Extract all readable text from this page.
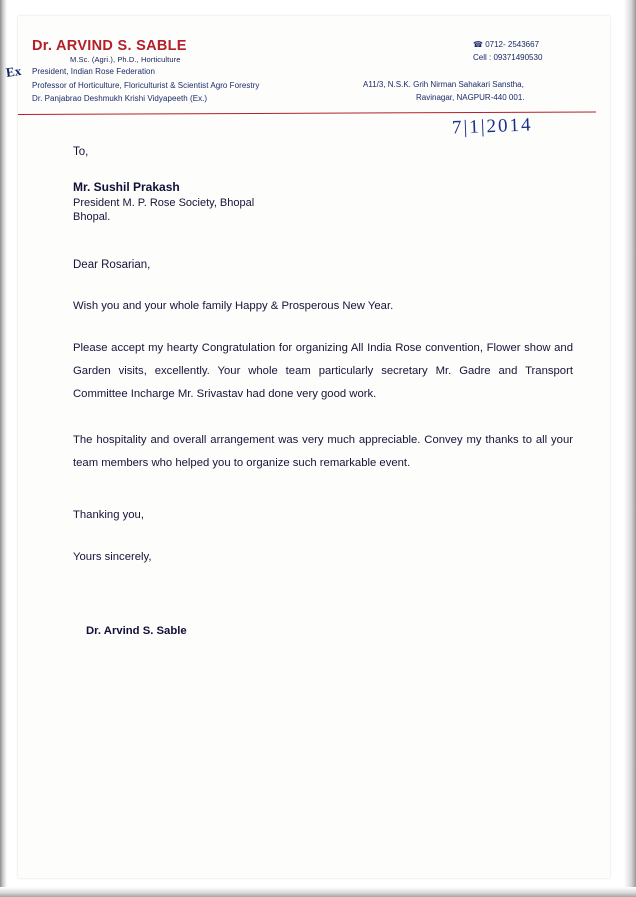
Ex
Dr. ARVIND S. SABLE
M.Sc. (Agri.), Ph.D., Horticulture
President, Indian Rose Federation
Professor of Horticulture, Floriculturist & Scientist Agro Forestry
Dr. Panjabrao Deshmukh Krishi Vidyapeeth (Ex.)
☎ 0712- 2543667
Cell : 09371490530
A11/3, N.S.K. Grih Nirman Sahakari Sanstha,
Ravinagar, NAGPUR-440 001.
7|1|2014

To,

Mr. Sushil Prakash

President M. P. Rose Society, Bhopal

Bhopal.

Dear Rosarian,

Wish you and your whole family Happy & Prosperous New Year.

Please accept my hearty Congratulation for organizing All India Rose convention, Flower show and Garden visits, excellently. Your whole team particularly secretary Mr. Gadre and Transport Committee Incharge Mr. Srivastav had done very good work.

The hospitality and overall arrangement was very much appreciable. Convey my thanks to all your team members who helped you to organize such remarkable event.

Thanking you,

Yours sincerely,

Dr. Arvind S. Sable
